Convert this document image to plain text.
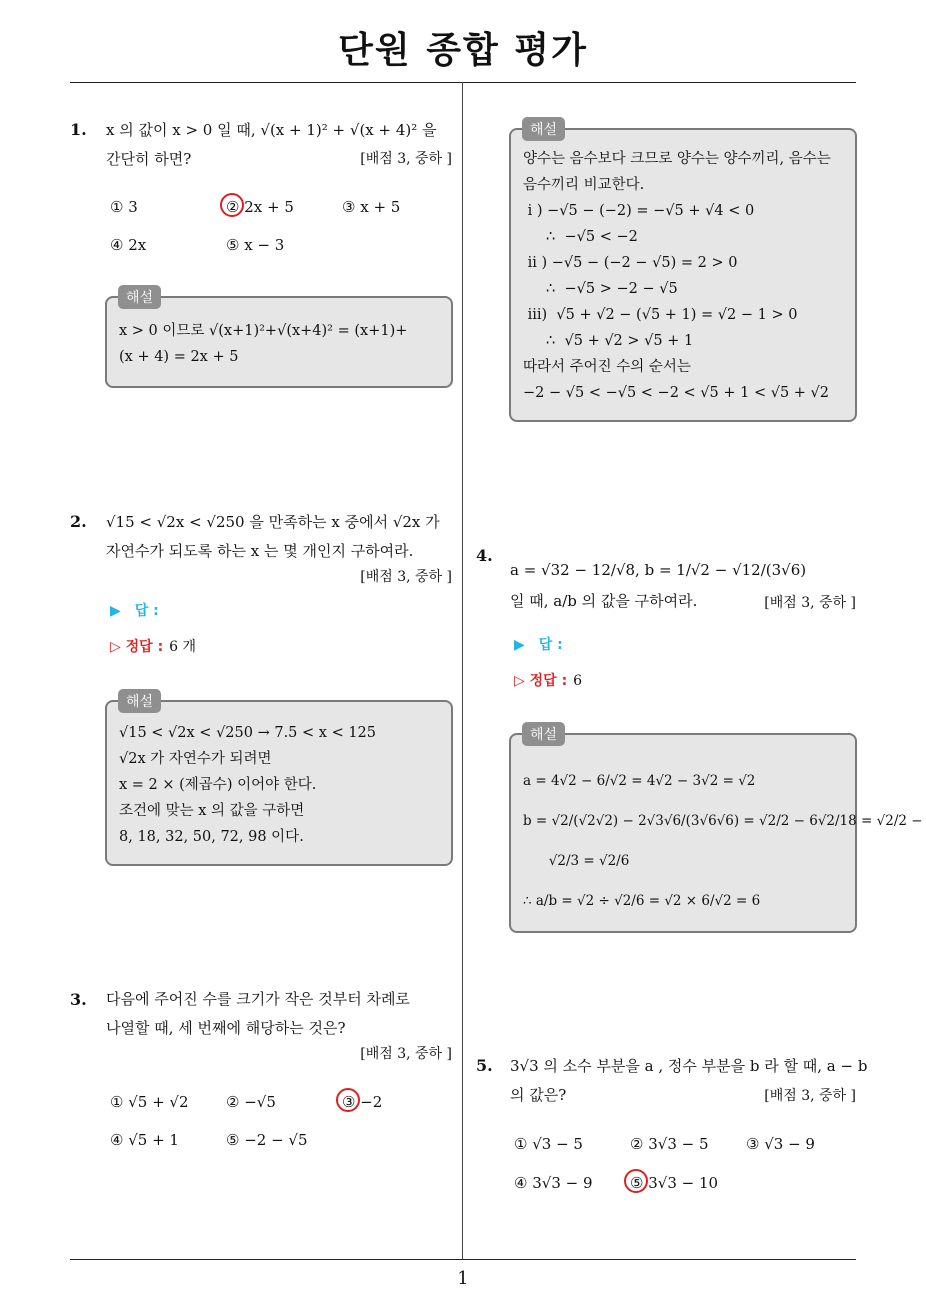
단원 종합 평가
1. x 의 값이 x > 0 일 때, √(x + 1)² + √(x + 4)² 을
간단히 하면?	[배점 3, 중하 ]
① 3	② 2x + 5	③ x + 5
④ 2x	⑤ x − 3
x > 0 이므로 √(x+1)²+√(x+4)² = (x+1)+
(x + 4) = 2x + 5
해설
2. √15 < √2x < √250 을 만족하는 x 중에서 √2x 가
자연수가 되도록 하는 x 는 몇 개인지 구하여라.
[배점 3, 중하 ]
▶ 답 :
▷ 정답 : 6 개
√15 < √2x < √250 → 7.5 < x < 125
√2x 가 자연수가 되려면
x = 2 × (제곱수) 이어야 한다.
조건에 맞는 x 의 값을 구하면
8, 18, 32, 50, 72, 98 이다.
해설
3. 다음에 주어진 수를 크기가 작은 것부터 차례로
나열할 때, 세 번째에 해당하는 것은?
[배점 3, 중하 ]
① √5 + √2 ② −√5	③ −2
④ √5 + 1	⑤ −2 − √5
양수는 음수보다 크므로 양수는 양수끼리, 음수는
음수끼리 비교한다.
i ) −√5 − (−2) = −√5 + √4 < 0
∴  −√5 < −2
ii ) −√5 − (−2 − √5) = 2 > 0
∴  −√5 > −2 − √5
iii)  √5 + √2 − (√5 + 1) = √2 − 1 > 0
∴  √5 + √2 > √5 + 1
따라서 주어진 수의 순서는
−2 − √5 < −√5 < −2 < √5 + 1 < √5 + √2
해설
4.
a = √32 − 12/√8, b = 1/√2 − √12/(3√6)
일 때, a/b 의 값을 구하여라.	[배점 3, 중하 ]
▶ 답 :
▷ 정답 : 6
a = 4√2 − 6/√2 = 4√2 − 3√2 = √2
b = √2/(√2√2) − 2√3√6/(3√6√6) = √2/2 − 6√2/18 = √2/2 −
√2/3 = √2/6
∴ a/b = √2 ÷ √2/6 = √2 × 6/√2 = 6
해설
5. 3√3 의 소수 부분을 a , 정수 부분을 b 라 할 때, a − b
의 값은?	[배점 3, 중하 ]
① √3 − 5	② 3√3 − 5 ③ √3 − 9
④ 3√3 − 9 ⑤ 3√3 − 10
1
